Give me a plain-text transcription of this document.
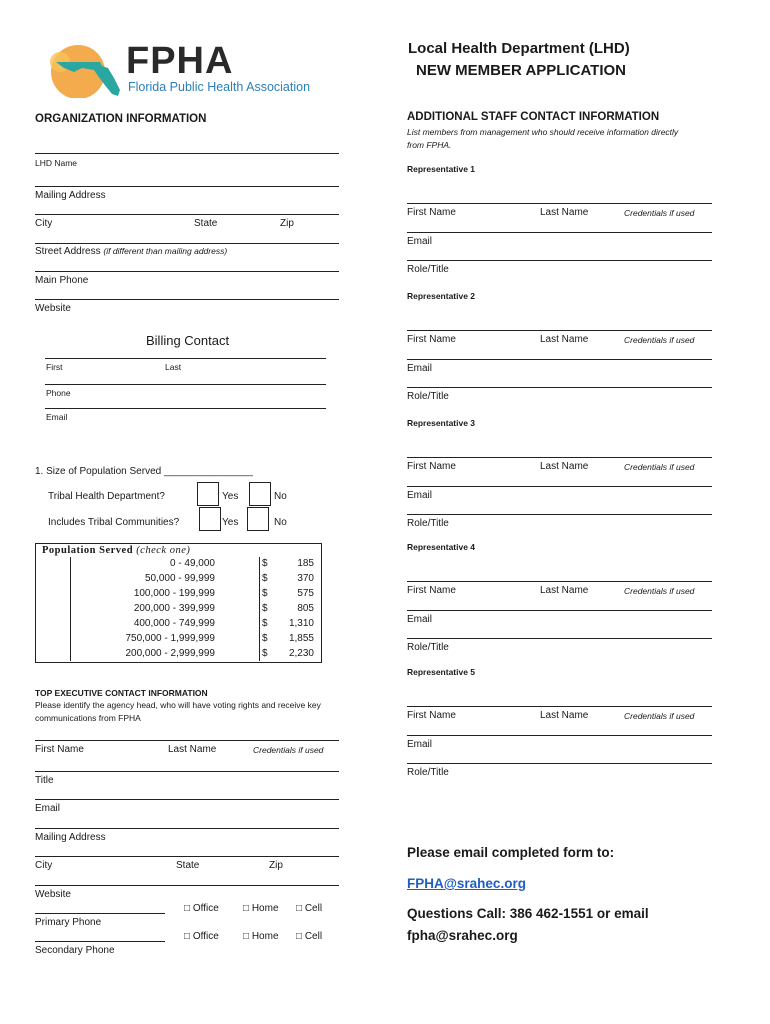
FPHA
Florida Public Health Association
Local Health Department (LHD)
NEW MEMBER APPLICATION
ORGANIZATION INFORMATION
LHD Name
Mailing Address
City	State	Zip
Street Address (if different than mailing address)
Main Phone
Website
Billing Contact
First	Last
Phone
Email
1. Size of Population Served ________________
Tribal Health Department?	Yes	No
Includes Tribal Communities?	Yes	No
Population Served (check one)
0 - 49,000	$	185
50,000 - 99,999	$	370
100,000 - 199,999	$	575
200,000 - 399,999	$	805
400,000 - 749,999	$	1,310
750,000 - 1,999,999	$	1,855
200,000 - 2,999,999	$	2,230
TOP EXECUTIVE CONTACT INFORMATION
Please identify the agency head, who will have voting rights and receive key
communications from FPHA
First Name	Last Name	Credentials if used
Title
Email
Mailing Address
City	State	Zip
Website
Primary Phone
□ Office □ Home □ Cell
Secondary Phone
□ Office □ Home □ Cell
ADDITIONAL STAFF CONTACT INFORMATION
List members from management who should receive information directly
from FPHA.
Representative 1
First Name	Last Name	Credentials if used
Email
Role/Title
Representative 2
First Name	Last Name	Credentials if used
Email
Role/Title
Representative 3
First Name	Last Name	Credentials if used
Email
Role/Title
Representative 4
First Name	Last Name	Credentials if used
Email
Role/Title
Representative 5
First Name	Last Name	Credentials if used
Email
Role/Title
Please email completed form to:
FPHA@srahec.org
Questions Call: 386 462-1551 or email
fpha@srahec.org
